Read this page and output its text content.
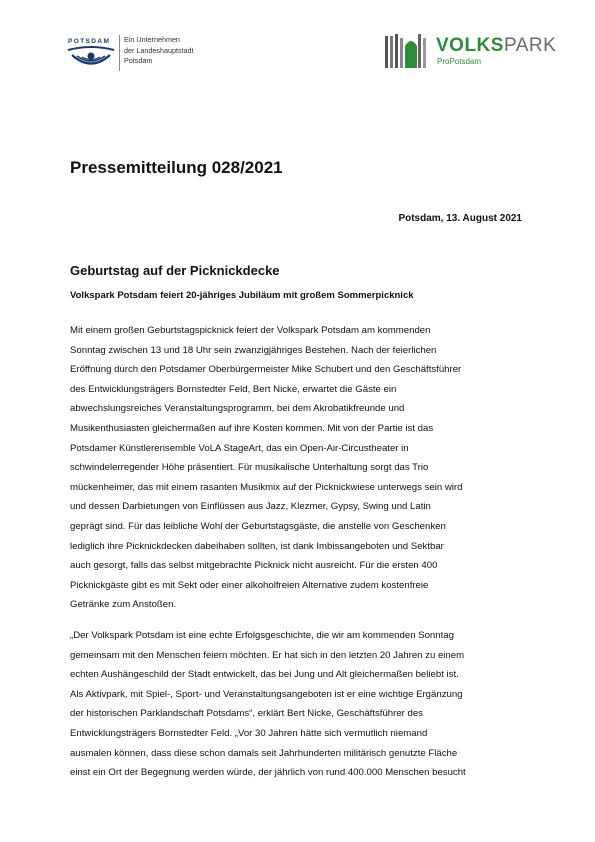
POTSDAM Ein Unternehmen
der Landeshauptstadt
Potsdam
VOLKSPARK
ProPotsdam
Pressemitteilung 028/2021
Potsdam, 13. August 2021
Geburtstag auf der Picknickdecke
Volkspark Potsdam feiert 20-jähriges Jubiläum mit großem Sommerpicknick

Mit einem großen Geburtstagspicknick feiert der Volkspark Potsdam am kommenden
Sonntag zwischen 13 und 18 Uhr sein zwanzigjähriges Bestehen. Nach der feierlichen
Eröffnung durch den Potsdamer Oberbürgermeister Mike Schubert und den Geschäftsführer
des Entwicklungsträgers Bornstedter Feld, Bert Nicke, erwartet die Gäste ein
abwechslungsreiches Veranstaltungsprogramm, bei dem Akrobatikfreunde und
Musikenthusiasten gleichermaßen auf ihre Kosten kommen. Mit von der Partie ist das
Potsdamer Künstlerensemble VoLA StageArt, das ein Open-Air-Circustheater in
schwindelerregender Höhe präsentiert. Für musikalische Unterhaltung sorgt das Trio
mückenheimer, das mit einem rasanten Musikmix auf der Picknickwiese unterwegs sein wird
und dessen Darbietungen von Einflüssen aus Jazz, Klezmer, Gypsy, Swing und Latin
geprägt sind. Für das leibliche Wohl der Geburtstagsgäste, die anstelle von Geschenken
lediglich ihre Picknickdecken dabeihaben sollten, ist dank Imbissangeboten und Sektbar
auch gesorgt, falls das selbst mitgebrachte Picknick nicht ausreicht. Für die ersten 400
Picknickgäste gibt es mit Sekt oder einer alkoholfreien Alternative zudem kostenfreie
Getränke zum Anstoßen.

„Der Volkspark Potsdam ist eine echte Erfolgsgeschichte, die wir am kommenden Sonntag
gemeinsam mit den Menschen feiern möchten. Er hat sich in den letzten 20 Jahren zu einem
echten Aushängeschild der Stadt entwickelt, das bei Jung und Alt gleichermaßen beliebt ist.
Als Aktivpark, mit Spiel-, Sport- und Veranstaltungsangeboten ist er eine wichtige Ergänzung
der historischen Parklandschaft Potsdams“, erklärt Bert Nicke, Geschäftsführer des
Entwicklungsträgers Bornstedter Feld. „Vor 30 Jahren hätte sich vermutlich niemand
ausmalen können, dass diese schon damals seit Jahrhunderten militärisch genutzte Fläche
einst ein Ort der Begegnung werden würde, der jährlich von rund 400.000 Menschen besucht
